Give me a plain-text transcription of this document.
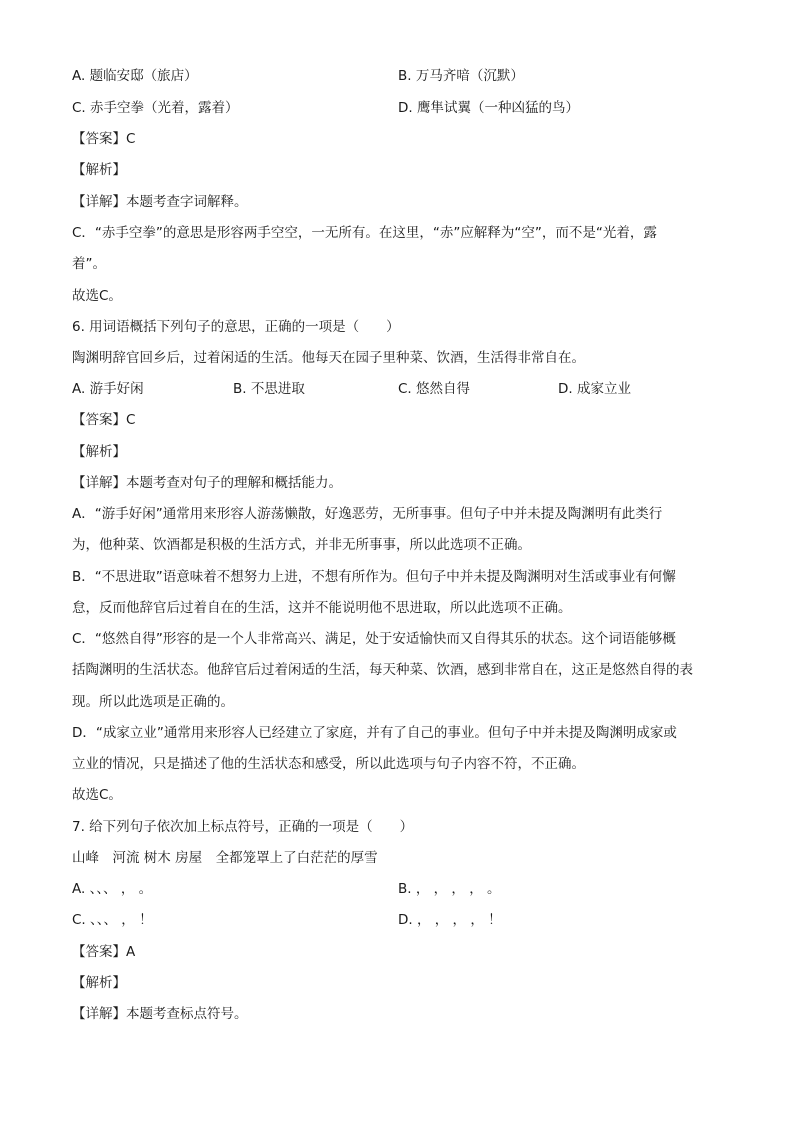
A. 题临安邸（旅店）	B. 万马齐喑（沉默）
C. 赤手空拳（光着，露着）	D. 鹰隼试翼（一种凶猛的鸟）
【答案】C
【解析】
【详解】本题考查字词解释。
C．“赤手空拳”的意思是形容两手空空，一无所有。在这里，“赤”应解释为“空”，而不是“光着，露
着”。
故选C。
6. 用词语概括下列句子的意思，正确的一项是（　　）
陶渊明辞官回乡后，过着闲适的生活。他每天在园子里种菜、饮酒，生活得非常自在。
A. 游手好闲	B. 不思进取	C. 悠然自得	D. 成家立业
【答案】C
【解析】
【详解】本题考查对句子的理解和概括能力。
A．“游手好闲”通常用来形容人游荡懒散，好逸恶劳，无所事事。但句子中并未提及陶渊明有此类行
为，他种菜、饮酒都是积极的生活方式，并非无所事事，所以此选项不正确。
B．“不思进取”语意味着不想努力上进，不想有所作为。但句子中并未提及陶渊明对生活或事业有何懈
怠，反而他辞官后过着自在的生活，这并不能说明他不思进取，所以此选项不正确。
C．“悠然自得”形容的是一个人非常高兴、满足，处于安适愉快而又自得其乐的状态。这个词语能够概
括陶渊明的生活状态。他辞官后过着闲适的生活，每天种菜、饮酒，感到非常自在，这正是悠然自得的表
现。所以此选项是正确的。
D．“成家立业”通常用来形容人已经建立了家庭，并有了自己的事业。但句子中并未提及陶渊明成家或
立业的情况，只是描述了他的生活状态和感受，所以此选项与句子内容不符，不正确。
故选C。
7. 给下列句子依次加上标点符号，正确的一项是（　　）
山峰　河流 树木 房屋　全都笼罩上了白茫茫的厚雪
A. 、、、 ， 。	B. ， ， ， ， 。
C. 、、、 ， ！	D. ， ， ， ， ！
【答案】A
【解析】
【详解】本题考查标点符号。
